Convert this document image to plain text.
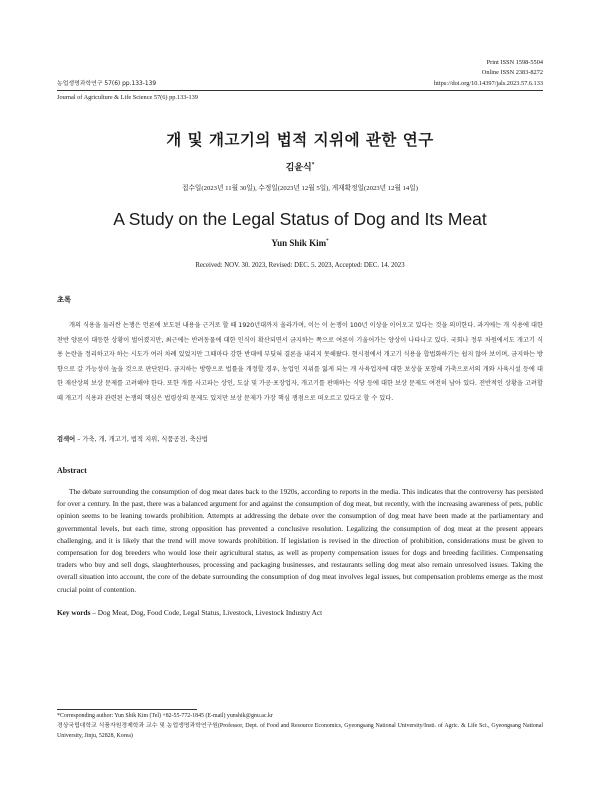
Print ISSN 1598-5504
Online ISSN 2383-8272
농업생명과학연구 57(6) pp.133-139	https://doi.org/10.14397/jals.2023.57.6.133
Journal of Agriculture & Life Science 57(6) pp.133-139
개 및 개고기의 법적 지위에 관한 연구
김윤식*
접수일(2023년 11월 30일), 수정일(2023년 12월 5일), 게재확정일(2023년 12월 14일)
A Study on the Legal Status of Dog and Its Meat
Yun Shik Kim*
Received: NOV. 30. 2023, Revised: DEC. 5. 2023, Accepted: DEC. 14. 2023
초록
개의 식용을 둘러싼 논쟁은 언론에 보도된 내용을 근거로 할 때 1920년대까지 올라가며, 이는 이 논쟁이 100년 이상을 이어오고 있다는 것을 의미한다. 과거에는 개 식용에 대한 찬반 양론이 대등한 상황이 벌어졌지만, 최근에는 반려동물에 대한 인식이 확산되면서 금지하는 쪽으로 여론이 기울어가는 양상이 나타나고 있다. 국회나 정부 차원에서도 개고기 식용 논란을 정리하고자 하는 시도가 여러 차례 있었지만 그때마다 강한 반대에 부딪혀 결론을 내리지 못해왔다. 현시점에서 개고기 식용을 합법화하기는 쉽지 않아 보이며, 금지하는 방향으로 갈 가능성이 높을 것으로 판단된다. 금지하는 방향으로 법률을 개정할 경우, 농업인 지위를 잃게 되는 개 사육업자에 대한 보상을 포함해 가축으로서의 개와 사육시설 등에 대한 재산상의 보상 문제를 고려해야 한다. 또한 개를 사고파는 상인, 도살 및 가공·포장업자, 개고기를 판매하는 식당 등에 대한 보상 문제도 여전히 남아 있다. 전반적인 상황을 고려할 때 개고기 식용과 관련된 논쟁의 핵심은 법령상의 문제도 있지만 보상 문제가 가장 핵심 쟁점으로 떠오르고 있다고 할 수 있다.
검색어 – 가축, 개, 개고기, 법적 지위, 식품공전, 축산법
Abstract
The debate surrounding the consumption of dog meat dates back to the 1920s, according to reports in the media. This indicates that the controversy has persisted for over a century. In the past, there was a balanced argument for and against the consumption of dog meat, but recently, with the increasing awareness of pets, public opinion seems to be leaning towards prohibition. Attempts at addressing the debate over the consumption of dog meat have been made at the parliamentary and governmental levels, but each time, strong opposition has prevented a conclusive resolution. Legalizing the consumption of dog meat at the present appears challenging, and it is likely that the trend will move towards prohibition. If legislation is revised in the direction of prohibition, considerations must be given to compensation for dog breeders who would lose their agricultural status, as well as property compensation issues for dogs and breeding facilities. Compensating traders who buy and sell dogs, slaughterhouses, processing and packaging businesses, and restaurants selling dog meat also remain unresolved issues. Taking the overall situation into account, the core of the debate surrounding the consumption of dog meat involves legal issues, but compensation problems emerge as the most crucial point of contention.
Key words – Dog Meat, Dog, Food Code, Legal Status, Livestock, Livestock Industry Act
*Corresponding author: Yun Shik Kim (Tel) +82-55-772-1845 (E-mail) yunshik@gnu.ac.kr
경상국립대학교 식품자원경제학과 교수 및 농업생명과학연구원(Professor, Dept. of Food and Resource Economics, Gyeongsang National University/Insti. of Agric. & Life Sci., Gyeongsang National University, Jinju, 52828, Korea)
